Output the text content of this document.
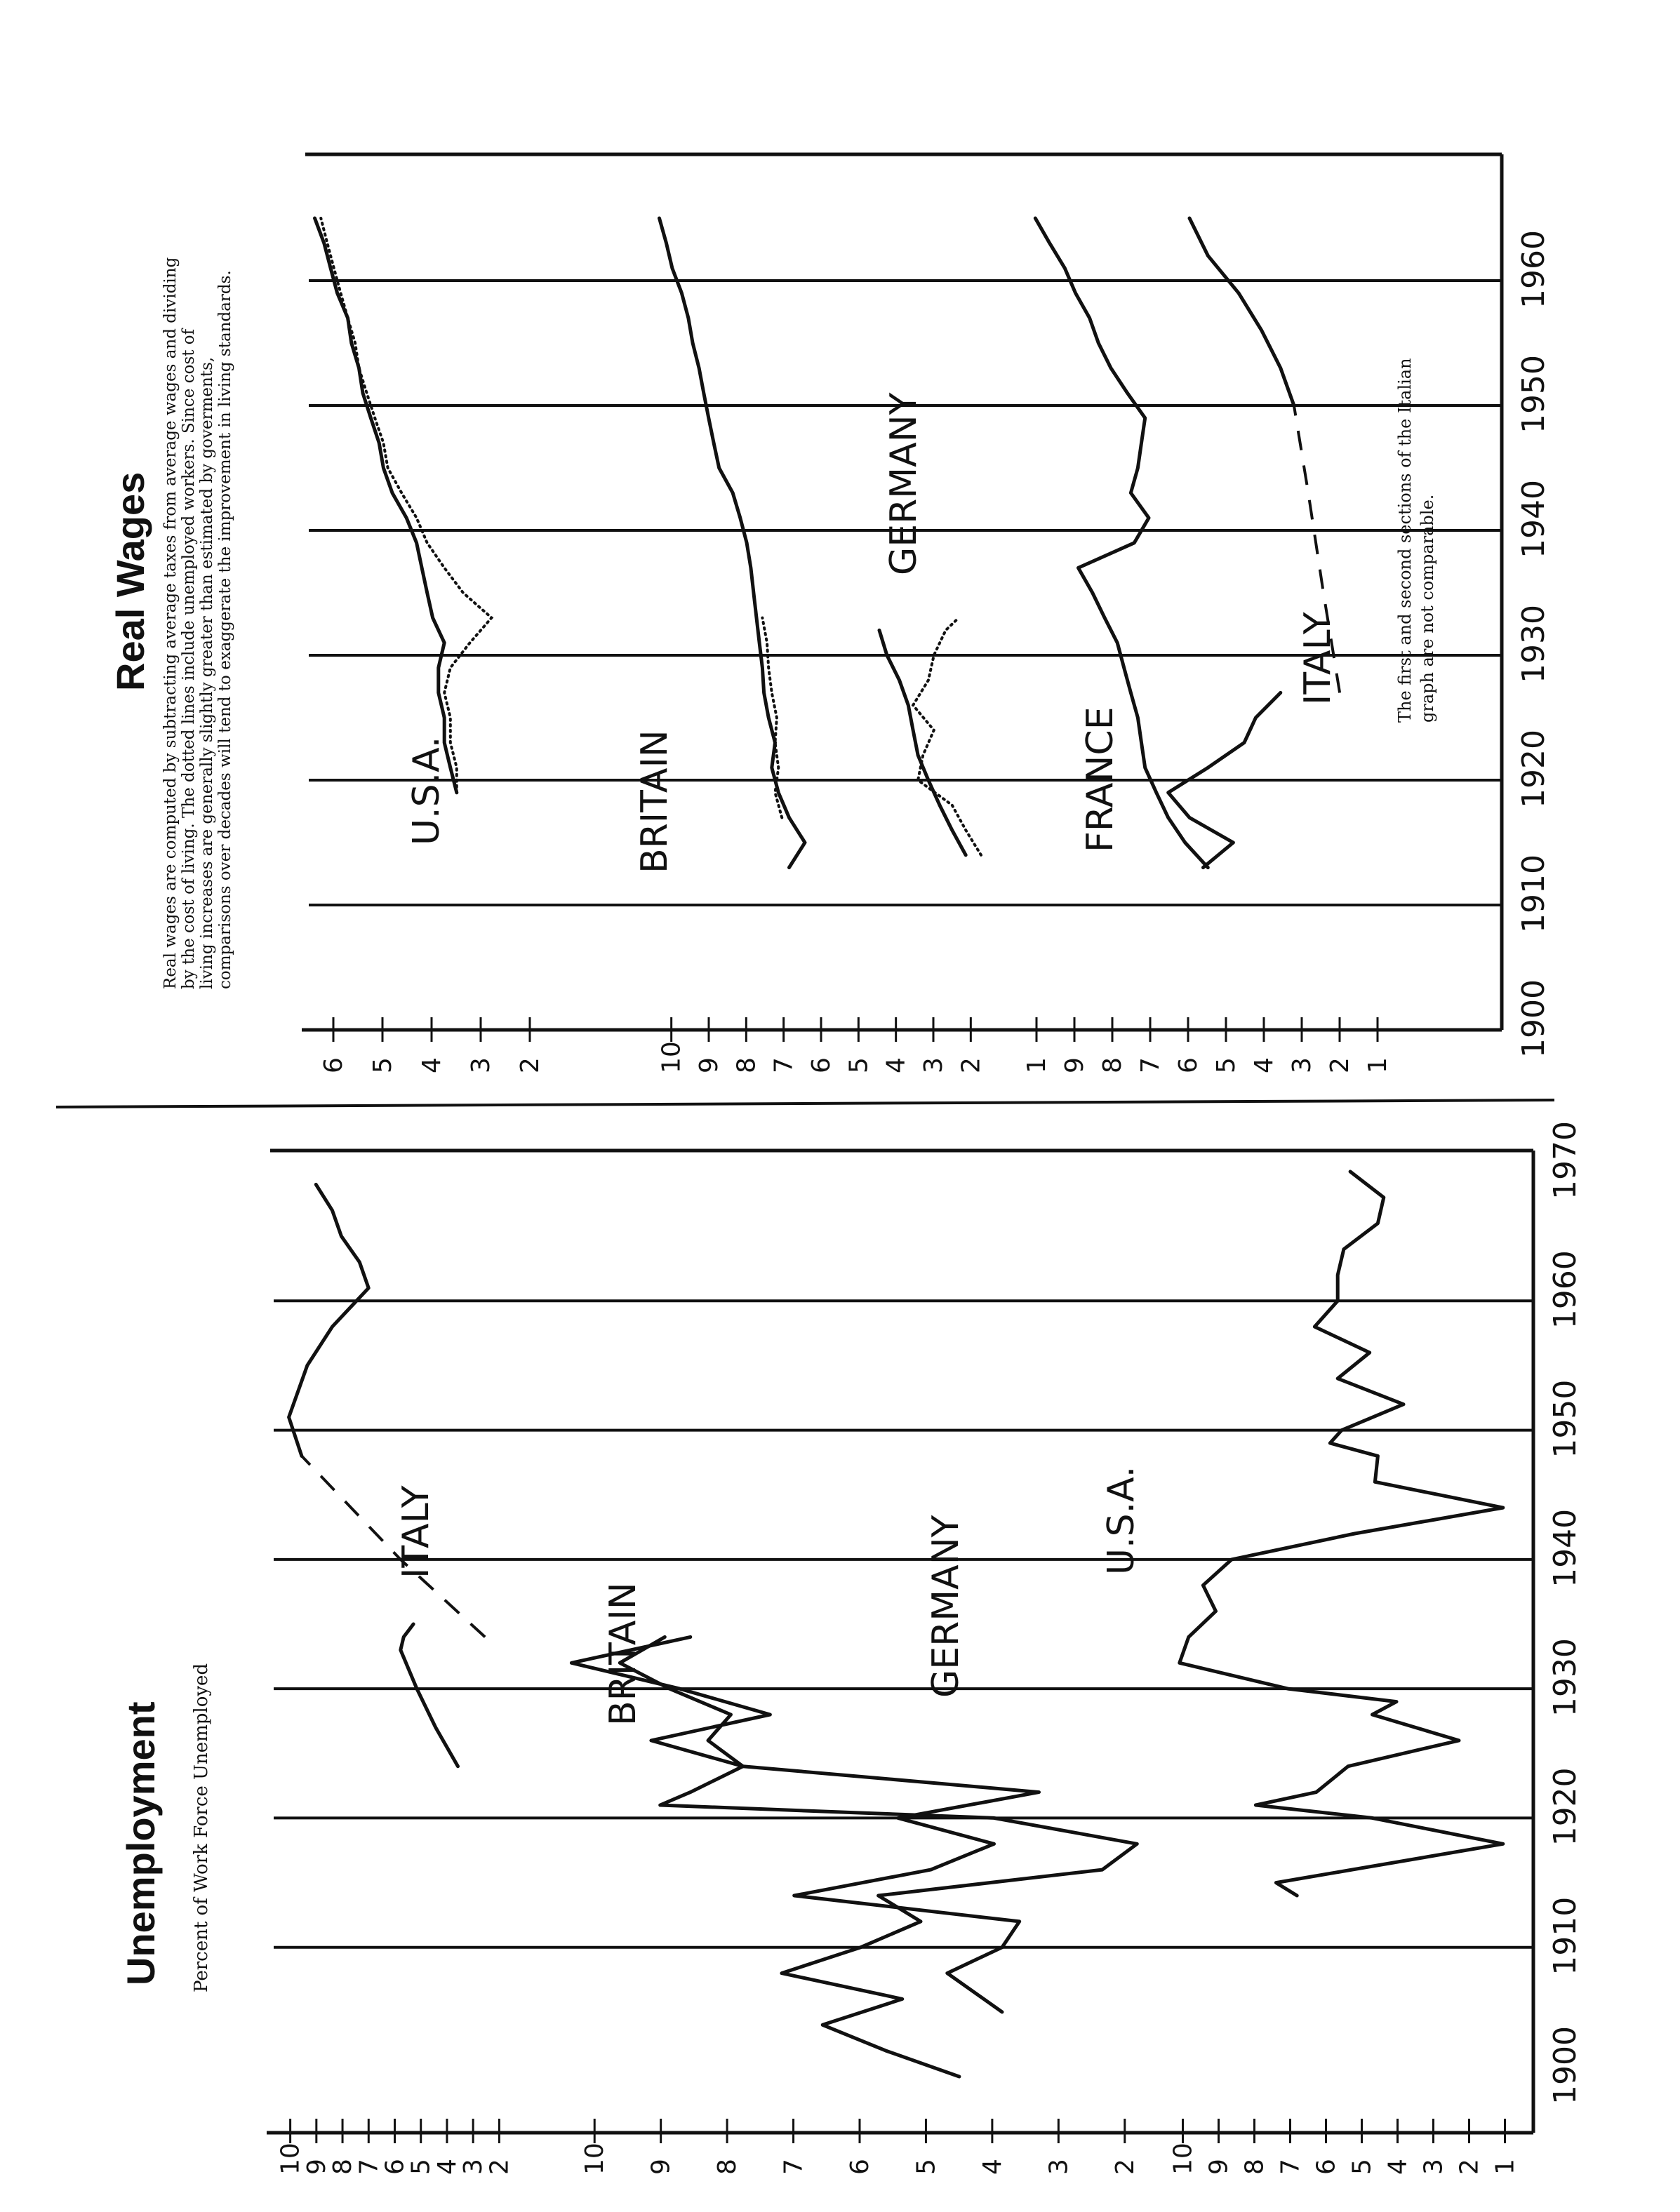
Real Wages Real wages are computed by subtracting average taxes from average wages and dividing by the cost of living. The dotted lines include unemployed workers. Since cost of living increases are generally slightly greater than estimated by goverments, comparisons over decades will tend to exaggerate the improvement in living standards.
1900
1910
1920
1930
1940
1950
1960
6 5 4 3 2	10 9 8 7 6 5 4 3 2 1 9 8 7 6 5 4 3 2 1
U.S.A.	BRITAIN
GERMANY
FRANCE
ITALY	The first and second sections of the Italian graph are not comparable.
Unemployment Percent of Work Force Unemployed
1900
1910
1920
1930
1940
1950
1960
1970
10
9
8
7
6
5
4
3
2	10 9 8 7 6 5 4 3 2 10 9 8 7 6 5 4 3 2 1
ITALY
BRITAIN	GERMANY	U.S.A.
